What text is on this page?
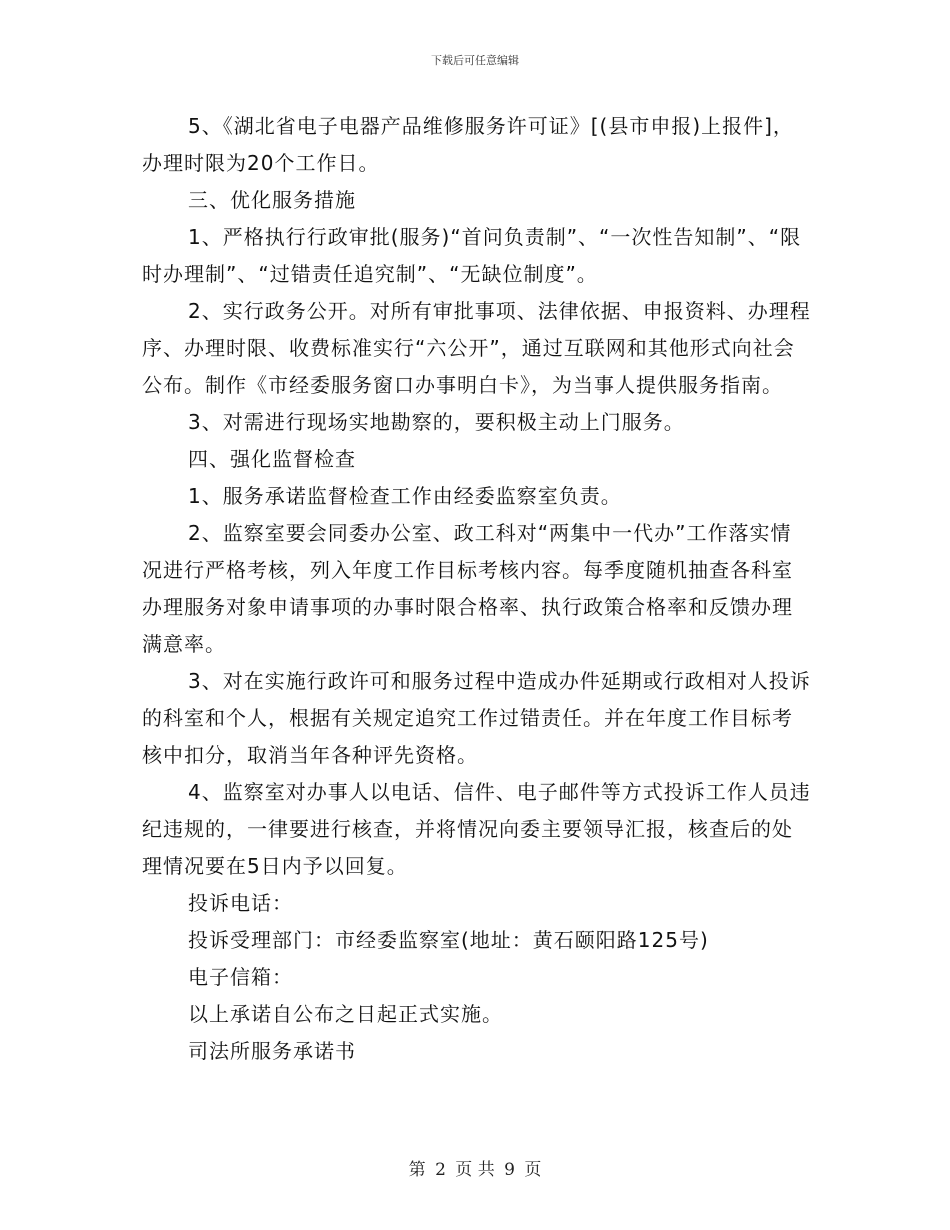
下载后可任意编辑

5、《湖北省电子电器产品维修服务许可证》[(县市申报)上报件]，办理时限为20个工作日。

三、优化服务措施

1、严格执行行政审批(服务)“首问负责制”、“一次性告知制”、“限时办理制”、“过错责任追究制”、“无缺位制度”。

2、实行政务公开。对所有审批事项、法律依据、申报资料、办理程序、办理时限、收费标准实行“六公开”，通过互联网和其他形式向社会公布。制作《市经委服务窗口办事明白卡》，为当事人提供服务指南。

3、对需进行现场实地勘察的，要积极主动上门服务。

四、强化监督检查

1、服务承诺监督检查工作由经委监察室负责。

2、监察室要会同委办公室、政工科对“两集中一代办”工作落实情况进行严格考核，列入年度工作目标考核内容。每季度随机抽查各科室办理服务对象申请事项的办事时限合格率、执行政策合格率和反馈办理满意率。

3、对在实施行政许可和服务过程中造成办件延期或行政相对人投诉的科室和个人，根据有关规定追究工作过错责任。并在年度工作目标考核中扣分，取消当年各种评先资格。

4、监察室对办事人以电话、信件、电子邮件等方式投诉工作人员违纪违规的，一律要进行核查，并将情况向委主要领导汇报，核查后的处理情况要在5日内予以回复。

投诉电话：

投诉受理部门：市经委监察室(地址：黄石颐阳路125号)

电子信箱：

以上承诺自公布之日起正式实施。

司法所服务承诺书

第 2 页 共 9 页
